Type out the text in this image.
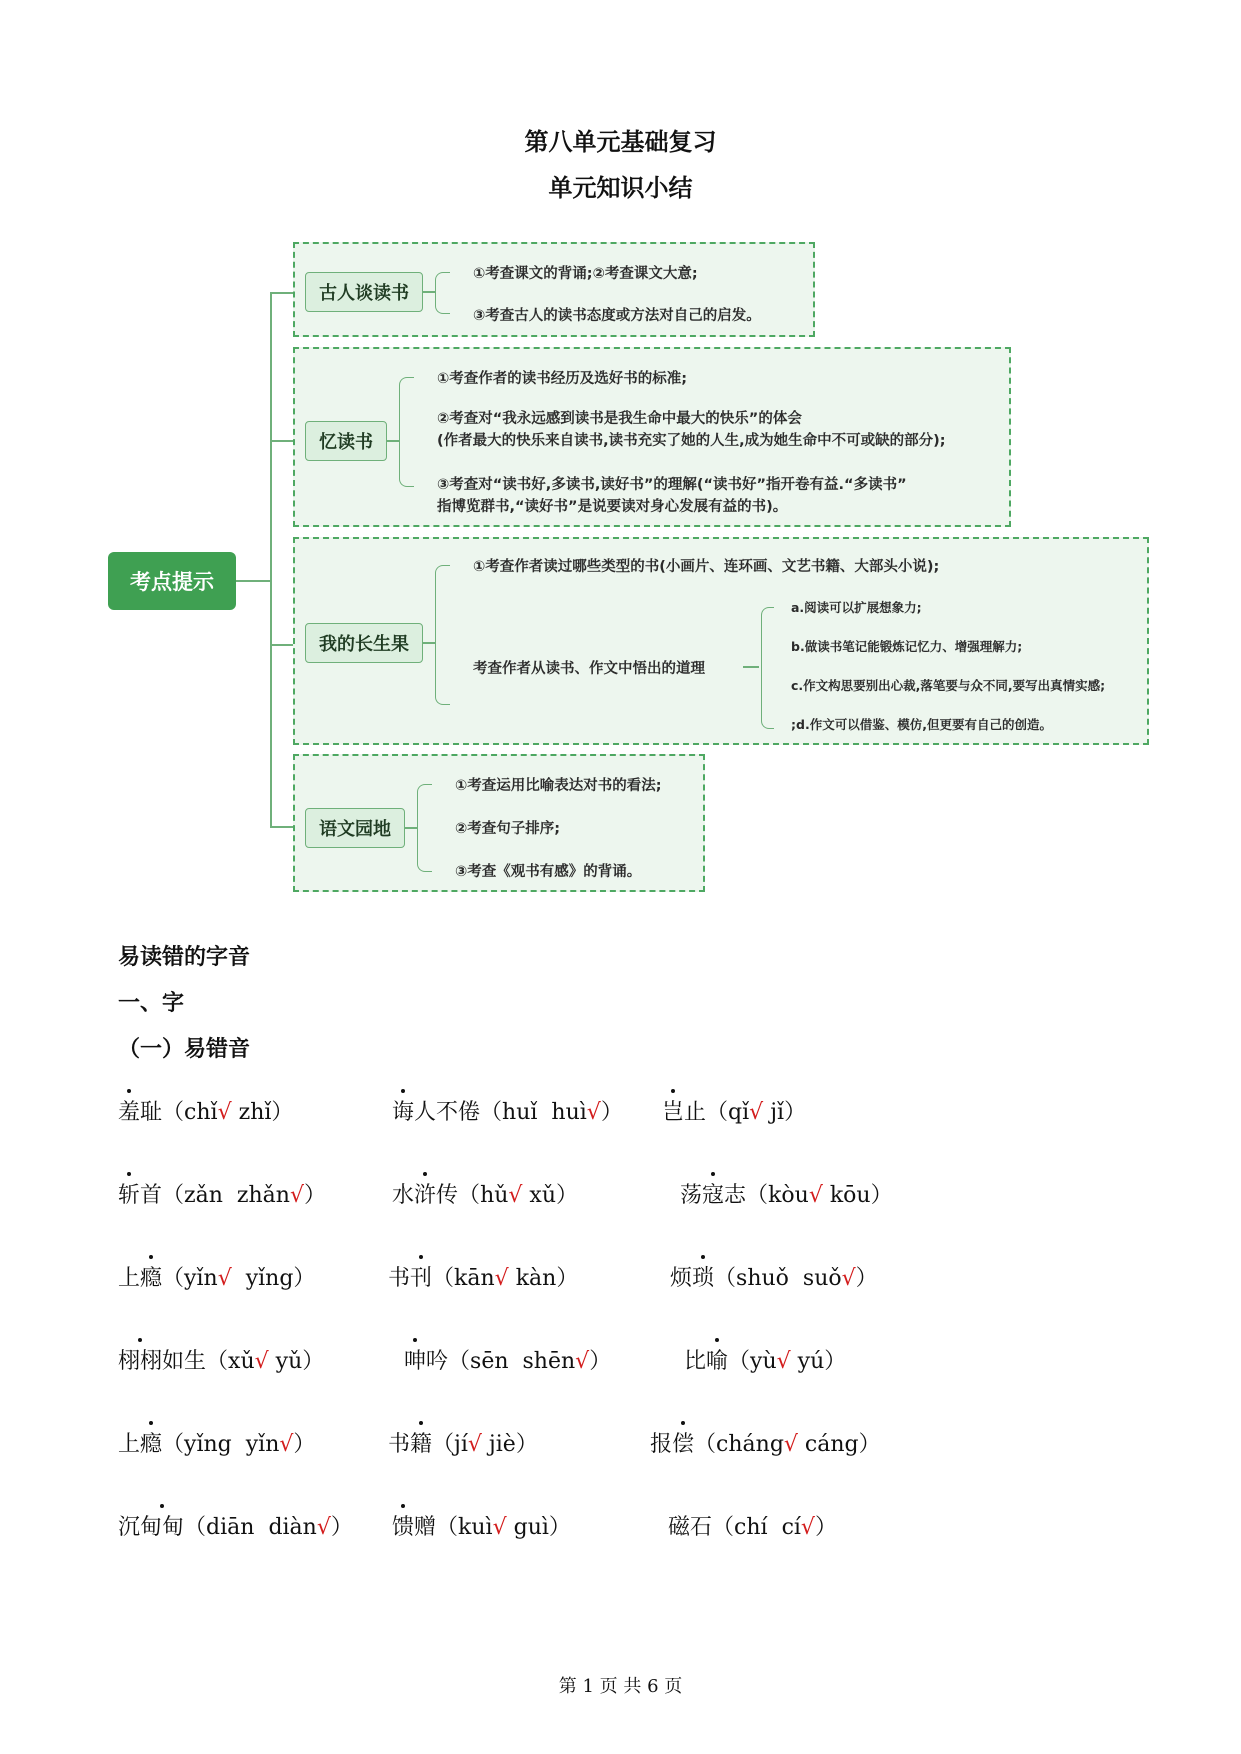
第八单元基础复习
单元知识小结
考点提示
古人谈读书
①考查课文的背诵;②考查课文大意;
③考查古人的读书态度或方法对自己的启发。
忆读书
①考查作者的读书经历及选好书的标准;
②考查对“我永远感到读书是我生命中最大的快乐”的体会
(作者最大的快乐来自读书,读书充实了她的人生,成为她生命中不可或缺的部分);
③考查对“读书好,多读书,读好书”的理解(“读书好”指开卷有益.“多读书”
指博览群书,“读好书”是说要读对身心发展有益的书)。
我的长生果
①考查作者读过哪些类型的书(小画片、连环画、文艺书籍、大部头小说);
考查作者从读书、作文中悟出的道理
a.阅读可以扩展想象力;
b.做读书笔记能锻炼记忆力、增强理解力;
c.作文构思要别出心裁,落笔要与众不同,要写出真情实感;
;d.作文可以借鉴、模仿,但更要有自己的创造。
语文园地
①考查运用比喻表达对书的看法;
②考查句子排序;
③考查《观书有感》的背诵。
易读错的字音
一、字
（一）易错音
羞耻（chǐ√ zhǐ）	诲人不倦（huǐ  huì√） 岂止（qǐ√ jǐ）
斩首（zǎn  zhǎn√）	水浒传（hǔ√ xǔ）	荡寇志（kòu√ kōu）
上瘾（yǐn√  yǐng）	书刊（kān√ kàn）	烦琐（shuǒ  suǒ√）
栩栩如生（xǔ√ yǔ）	呻吟（sēn  shēn√）	比喻（yù√ yú）
上瘾（yǐng  yǐn√）	书籍（jí√ jiè）	报偿（cháng√ cáng）
沉甸甸（diān  diàn√） 馈赠（kuì√ guì）	磁石（chí  cí√）
第 1 页 共 6 页
